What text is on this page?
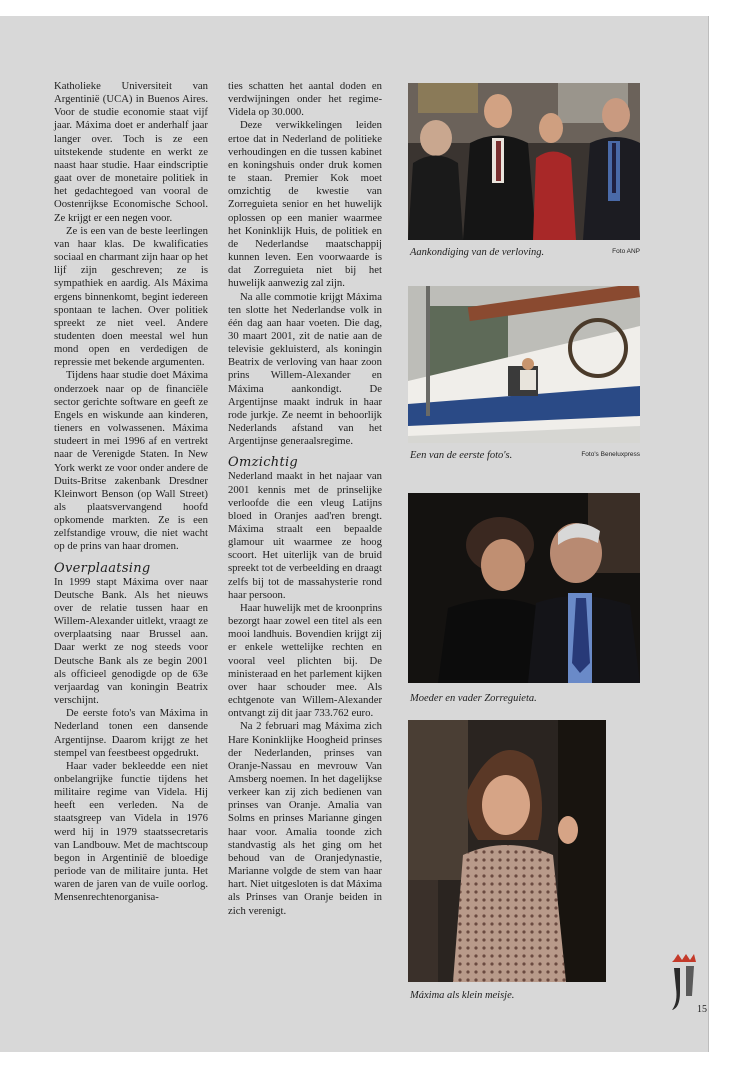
Katholieke Universiteit van Argentinië (UCA) in Buenos Aires. Voor de studie economie staat vijf jaar. Máxima doet er anderhalf jaar langer over. Toch is ze een uitstekende studente en werkt ze naast haar studie. Haar eindscriptie gaat over de monetaire politiek in het gedachtegoed van vooral de Oostenrijkse Economische School. Ze krijgt er een negen voor.

Ze is een van de beste leerlingen van haar klas. De kwalificaties sociaal en charmant zijn haar op het lijf zijn geschreven; ze is sympathiek en aardig. Als Máxima ergens binnenkomt, begint iedereen spontaan te lachen. Over politiek spreekt ze niet veel. Andere studenten doen meestal wel hun mond open en verdedigen de repressie met bekende argumenten.

Tijdens haar studie doet Máxima onderzoek naar op de financiële sector gerichte software en geeft ze Engels en wiskunde aan kinderen, tieners en volwassenen. Máxima studeert in mei 1996 af en vertrekt naar de Verenigde Staten. In New York werkt ze voor onder andere de Duits-Britse zakenbank Dresdner Kleinwort Benson (op Wall Street) als plaatsvervangend hoofd opkomende markten. Ze is een zelfstandige vrouw, die niet wacht op de prins van haar dromen.

Overplaatsing

In 1999 stapt Máxima over naar Deutsche Bank. Als het nieuws over de relatie tussen haar en Willem-Alexander uitlekt, vraagt ze overplaatsing naar Brussel aan. Daar werkt ze nog steeds voor Deutsche Bank als ze begin 2001 als officieel genodigde op de 63e verjaardag van koningin Beatrix verschijnt.

De eerste foto's van Máxima in Nederland tonen een dansende Argentijnse. Daarom krijgt ze het stempel van feestbeest opgedrukt.

Haar vader bekleedde een niet onbelangrijke functie tijdens het militaire regime van Videla. Hij heeft een verleden. Na de staatsgreep van Videla in 1976 werd hij in 1979 staatssecretaris van Landbouw. Met de machtscoup begon in Argentinië de bloedige periode van de militaire junta. Het waren de jaren van de vuile oorlog. Mensenrechtenorganisa-

ties schatten het aantal doden en verdwijningen onder het regime-Videla op 30.000.

Deze verwikkelingen leiden ertoe dat in Nederland de politieke verhoudingen en die tussen kabinet en koningshuis onder druk komen te staan. Premier Kok moet omzichtig de kwestie van Zorreguieta senior en het huwelijk oplossen op een manier waarmee het Koninklijk Huis, de politiek en de Nederlandse maatschappij kunnen leven. Een voorwaarde is dat Zorreguieta niet bij het huwelijk aanwezig zal zijn.

Na alle commotie krijgt Máxima ten slotte het Nederlandse volk in één dag aan haar voeten. Die dag, 30 maart 2001, zit de natie aan de televisie gekluisterd, als koningin Beatrix de verloving van haar zoon prins Willem-Alexander en Máxima aankondigt. De Argentijnse maakt indruk in haar rode jurkje. Ze neemt in behoorlijk Nederlands afstand van het Argentijnse generaalsregime.

Omzichtig

Nederland maakt in het najaar van 2001 kennis met de prinselijke verloofde die een vleug Latijns bloed in Oranjes aad'ren brengt. Máxima straalt een bepaalde glamour uit waarmee ze hoog scoort. Het uiterlijk van de bruid spreekt tot de verbeelding en draagt zelfs bij tot de massahysterie rond haar persoon.

Haar huwelijk met de kroonprins bezorgt haar zowel een titel als een mooi landhuis. Bovendien krijgt zij er enkele wettelijke rechten en vooral veel plichten bij. De ministeraad en het parlement kijken over haar schouder mee. Als echtgenote van Willem-Alexander ontvangt zij dit jaar 733.762 euro.

Na 2 februari mag Máxima zich Hare Koninklijke Hoogheid prinses der Nederlanden, prinses van Oranje-Nassau en mevrouw Van Amsberg noemen. In het dagelijkse verkeer kan zij zich bedienen van prinses van Oranje. Amalia van Solms en prinses Marianne gingen haar voor. Amalia toonde zich standvastig als het ging om het behoud van de Oranjedynastie, Marianne volgde de stem van haar hart. Niet uitgesloten is dat Máxima als Prinses van Oranje beiden in zich verenigt.

Aankondiging van de verloving.	Foto ANP
Een van de eerste foto's.	Foto's Beneluxpress
Moeder en vader Zorreguieta.
Máxima als klein meisje.
15
